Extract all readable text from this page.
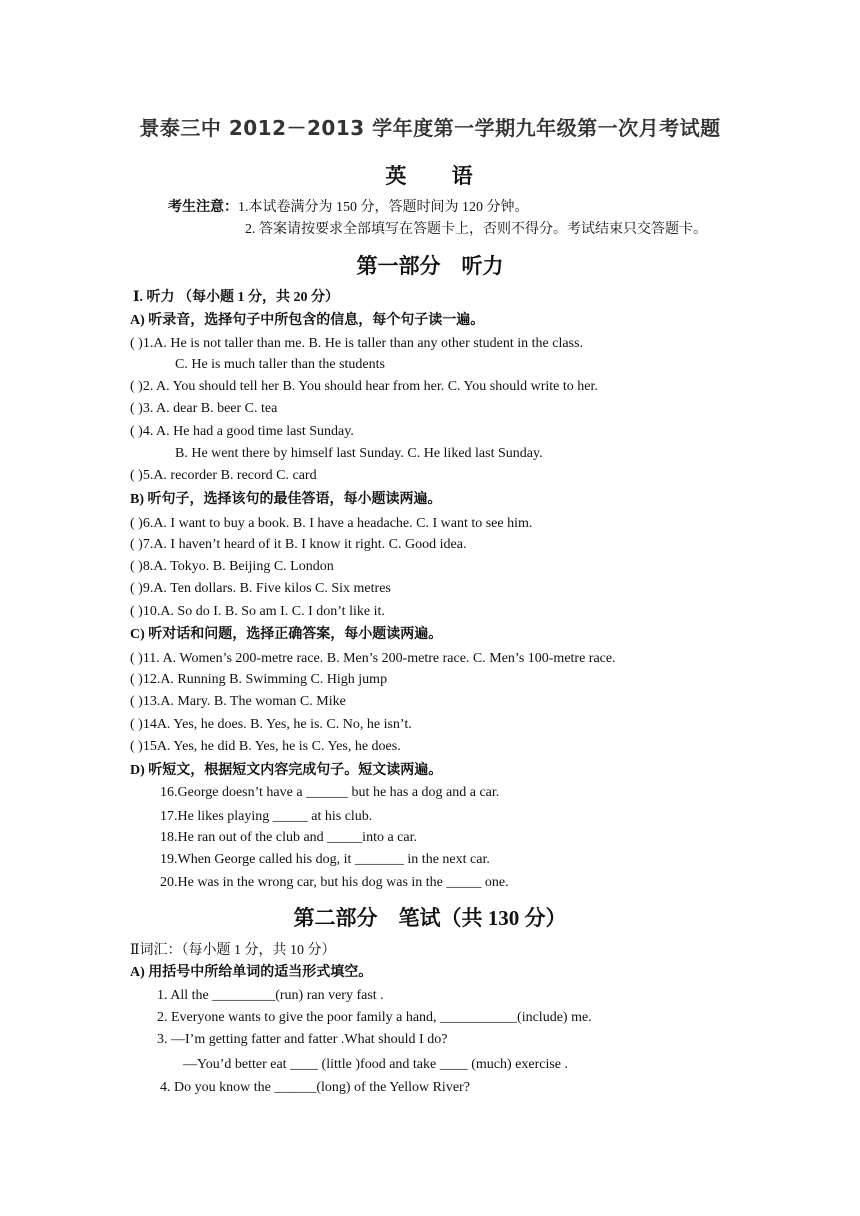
景泰三中 2012－2013 学年度第一学期九年级第一次月考试题
英 语
考生注意：1.本试卷满分为 150 分，答题时间为 120 分钟。
2. 答案请按要求全部填写在答题卡上，否则不得分。考试结束只交答题卡。
第一部分　听力
Ⅰ. 听力 （每小题 1 分，共 20 分）
A) 听录音，选择句子中所包含的信息，每个句子读一遍。
( )1.A. He is not taller than me. B. He is taller than any other student in the class.
C. He is much taller than the students
( )2. A. You should tell her B. You should hear from her. C. You should write to her.
( )3. A. dear B. beer C. tea
( )4. A. He had a good time last Sunday.
B. He went there by himself last Sunday. C. He liked last Sunday.
( )5.A. recorder B. record C. card
B) 听句子，选择该句的最佳答语，每小题读两遍。
( )6.A. I want to buy a book. B. I have a headache. C. I want to see him.
( )7.A. I haven’t heard of it B. I know it right. C. Good idea.
( )8.A. Tokyo. B. Beijing C. London
( )9.A. Ten dollars. B. Five kilos C. Six metres
( )10.A. So do I. B. So am I. C. I don’t like it.
C) 听对话和问题，选择正确答案，每小题读两遍。
( )11. A. Women’s 200-metre race. B. Men’s 200-metre race. C. Men’s 100-metre race.
( )12.A. Running B. Swimming C. High jump
( )13.A. Mary. B. The woman C. Mike
( )14A. Yes, he does. B. Yes, he is. C. No, he isn’t.
( )15A. Yes, he did B. Yes, he is C. Yes, he does.
D) 听短文，根据短文内容完成句子。短文读两遍。
16.George doesn’t have a ______ but he has a dog and a car.
17.He likes playing _____ at his club.
18.He ran out of the club and _____into a car.
19.When George called his dog, it _______ in the next car.
20.He was in the wrong car, but his dog was in the _____ one.
第二部分　笔试（共 130 分）
Ⅱ词汇：（每小题 1 分，共 10 分）
A) 用括号中所给单词的适当形式填空。
1. All the _________(run) ran very fast .
2. Everyone wants to give the poor family a hand, ___________(include) me.
3. —I’m getting fatter and fatter .What should I do?
—You’d better eat ____ (little )food and take ____ (much) exercise .
4. Do you know the ______(long) of the Yellow River?
